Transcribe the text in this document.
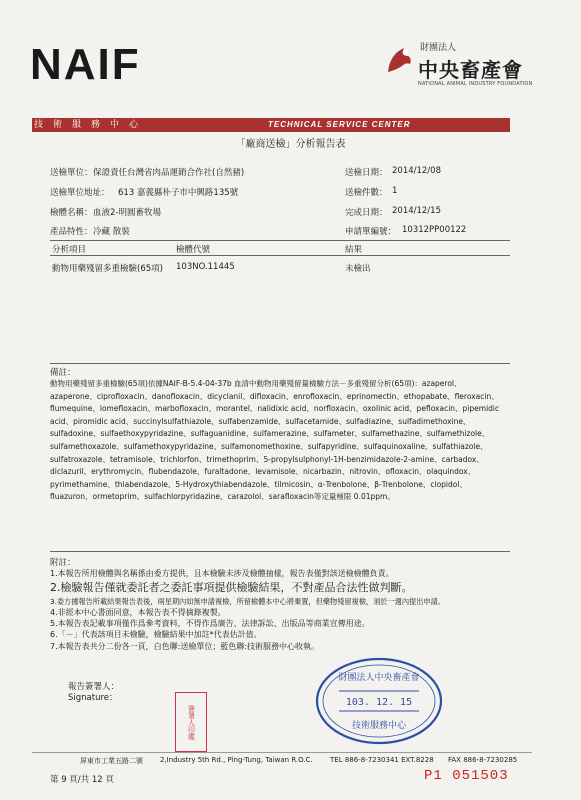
NAIF	財團法人
中央畜產會
NATIONAL ANIMAL INDUSTRY FOUNDATION
技術服務中心	TECHNICAL SERVICE CENTER
「廠商送檢」分析報告表
送檢單位： 保證責任台灣省肉品運銷合作社(自然豬)	送檢日期： 2014/12/08
送檢單位地址： 613 嘉義縣朴子市中興路135號	送檢件數： 1
檢體名稱： 血液2-明圓畜牧場	完成日期： 2014/12/15
產品特性： 冷藏 散裝	申請單編號： 10312PP00122
分析項目	檢體代號	結果
動物用藥殘留多重檢驗(65項) 103NO.11445	未檢出
備註：
動物用藥殘留多重檢驗(65項)依據NAIF-B-5.4-04-37b 血清中動物用藥殘留量檢驗方法－多重殘留分析(65項)：azaperol、azaperone、ciprofloxacin、danofloxacin、dicyclanil、difloxacin、enrofloxacin、eprinomectin、ethopabate、fleroxacin、flumequine、lomefloxacin、marbofloxacin、morantel、nalidixic acid、norfloxacin、oxolinic acid、pefloxacin、pipemidic acid、piromidic acid、succinylsulfathiazole、sulfabenzamide、sulfacetamide、sulfadiazine、sulfadimethoxine、sulfadoxine、sulfaethoxypyridazine、sulfaguanidine、sulfamerazine、sulfameter、sulfamethazine、sulfamethizole、sulfamethoxazole、sulfamethoxypyridazine、sulfamonomethoxine、sulfapyridine、sulfaquinoxaline、sulfathiazole、sulfatroxazole、tetramisole、trichlorfon、trimethoprim、5-propylsulphonyl-1H-benzimidazole-2-amine、carbadox、diclazuril、erythromycin、flubendazole、furaltadone、levamisole、nicarbazin、nitrovin、ofloxacin、olaquindox、pyrimethamine、thiabendazole、5-Hydroxythiabendazole、tilmicosin、α-Trenbolone、β-Trenbolone、clopidol、fluazuron、ormetoprim、sulfachlorpyridazine、carazolol、sarafloxacin等定量極限 0.01ppm。
附註：
1.本報告所用檢體與名稱係由委方提供，且本檢驗未涉及檢體抽樣，報告表僅對該送檢檢體負責。
2.檢驗報告僅就委託者之委託事項提供檢驗結果，不對產品合法性做判斷。
3.委方據報告所載結果報告表後，兩星期內如無申請複檢，所留檢體本中心將棄置，但藥物殘留複檢，須於一週內提出申請。
4.非經本中心書面同意，本報告表不得摘錄複製。
5.本報告表記載事項僅作爲參考資料，不得作爲廣告、法律訴訟、出版品等商業宣傳用途。
6.「－」代表該項目未檢驗，檢驗結果中加註*代表估計值。
7.本報告表共分二份各一頁，白色聯:送檢單位；藍色聯:技術服務中心收執。
報告簽署人：
Signature：
簽署人印鑑
財團法人中央畜產會
103. 12. 15
技術服務中心
屏東市工業五路二號 2,Industry 5th Rd., Ping-Tung, Taiwan R.O.C. TEL 886-8-7230341 EXT.8228 FAX 886-8-7230285
第 9 頁/共 12 頁	P1 051503
